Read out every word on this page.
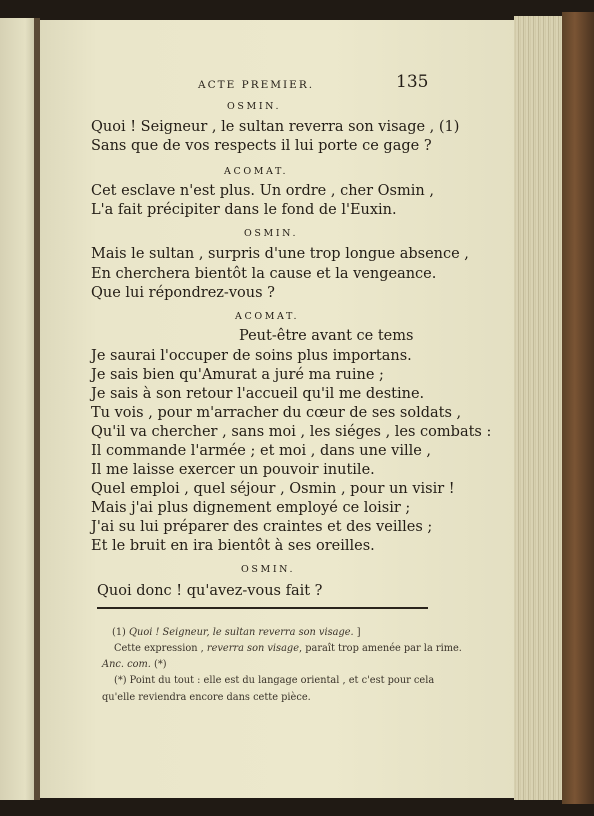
ACTE PREMIER.	135
OSMIN.
Quoi ! Seigneur , le sultan reverra son visage , (1)
Sans que de vos respects il lui porte ce gage ?
ACOMAT.
Cet esclave n'est plus. Un ordre , cher Osmin ,
L'a fait précipiter dans le fond de l'Euxin.
OSMIN.
Mais le sultan , surpris d'une trop longue absence ,
En cherchera bientôt la cause et la vengeance.
Que lui répondrez-vous ?
ACOMAT.
Peut-être avant ce tems
Je saurai l'occuper de soins plus importans.
Je sais bien qu'Amurat a juré ma ruine ;
Je sais à son retour l'accueil qu'il me destine.
Tu vois , pour m'arracher du cœur de ses soldats ,
Qu'il va chercher , sans moi , les siéges , les combats :
Il commande l'armée ; et moi , dans une ville ,
Il me laisse exercer un pouvoir inutile.
Quel emploi , quel séjour , Osmin , pour un visir !
Mais j'ai plus dignement employé ce loisir ;
J'ai su lui préparer des craintes et des veilles ;
Et le bruit en ira bientôt à ses oreilles.
OSMIN.
Quoi donc ! qu'avez-vous fait ?
(1) Quoi ! Seigneur, le sultan reverra son visage. ]
Cette expression , reverra son visage, paraît trop amenée par la rime.
Anc. com. (*)
(*) Point du tout : elle est du langage oriental , et c'est pour cela
qu'elle reviendra encore dans cette pièce.
